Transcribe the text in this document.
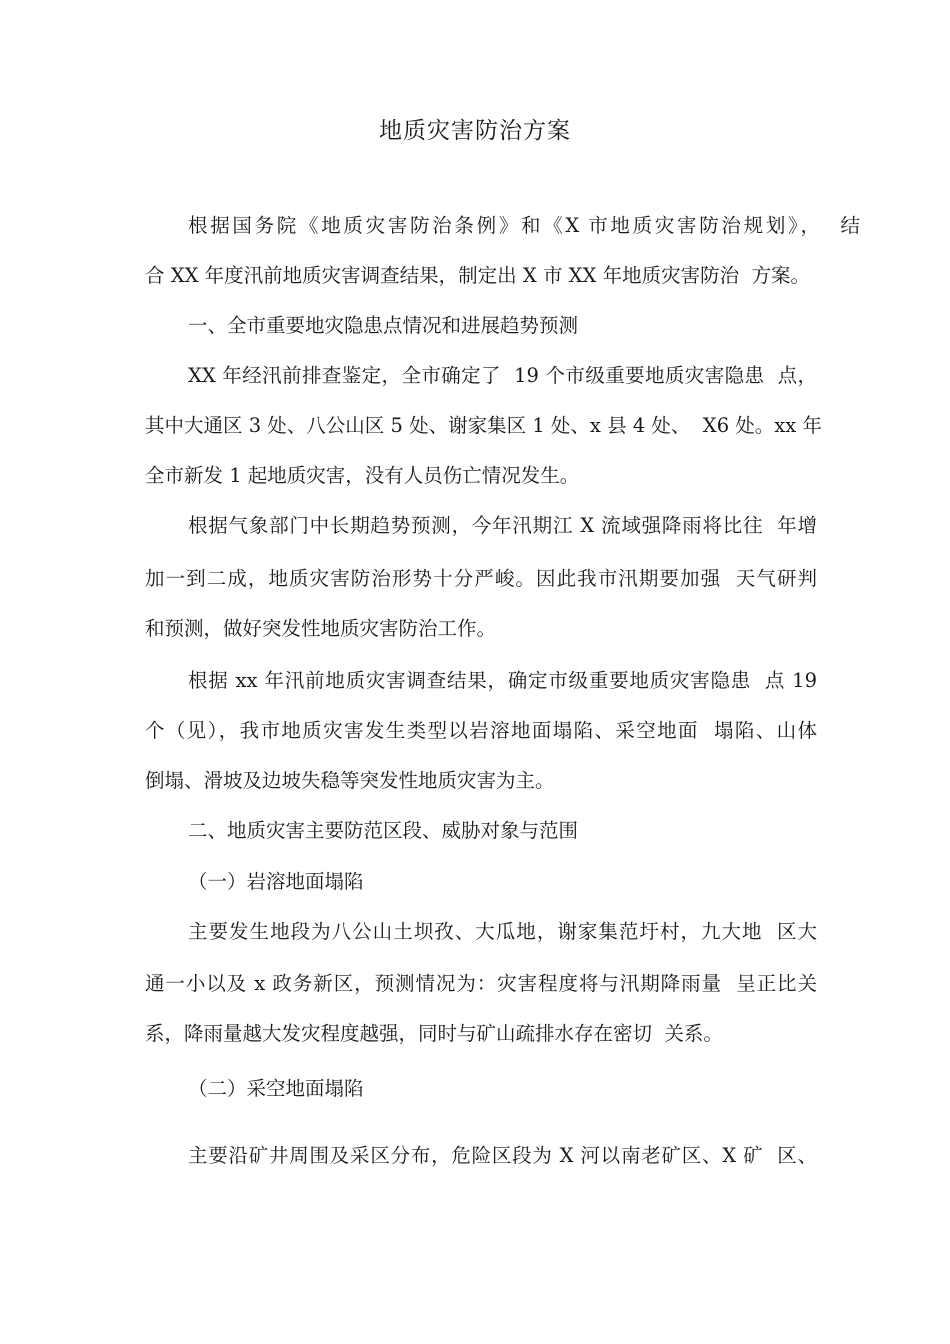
地质灾害防治方案
根据国务院《地质灾害防治条例》和《X 市地质灾害防治规划》，  结
合 XX 年度汛前地质灾害调查结果，制定出 X 市 XX 年地质灾害防治  方案。
一、全市重要地灾隐患点情况和进展趋势预测
XX 年经汛前排查鉴定，全市确定了  19 个市级重要地质灾害隐患  点，
其中大通区 3 处、八公山区 5 处、谢家集区 1 处、x 县 4 处、  X6 处。xx 年
全市新发 1 起地质灾害，没有人员伤亡情况发生。
根据气象部门中长期趋势预测，今年汛期江 X 流域强降雨将比往  年增
加一到二成，地质灾害防治形势十分严峻。因此我市汛期要加强  天气研判
和预测，做好突发性地质灾害防治工作。
根据 xx 年汛前地质灾害调查结果，确定市级重要地质灾害隐患  点 19
个（见），我市地质灾害发生类型以岩溶地面塌陷、采空地面  塌陷、山体
倒塌、滑坡及边坡失稳等突发性地质灾害为主。
二、地质灾害主要防范区段、威胁对象与范围
（一）岩溶地面塌陷
主要发生地段为八公山土坝孜、大瓜地，谢家集范圩村，九大地  区大
通一小以及 x 政务新区，预测情况为：灾害程度将与汛期降雨量  呈正比关
系，降雨量越大发灾程度越强，同时与矿山疏排水存在密切  关系。
（二）采空地面塌陷
主要沿矿井周围及采区分布，危险区段为 X 河以南老矿区、X 矿  区、
